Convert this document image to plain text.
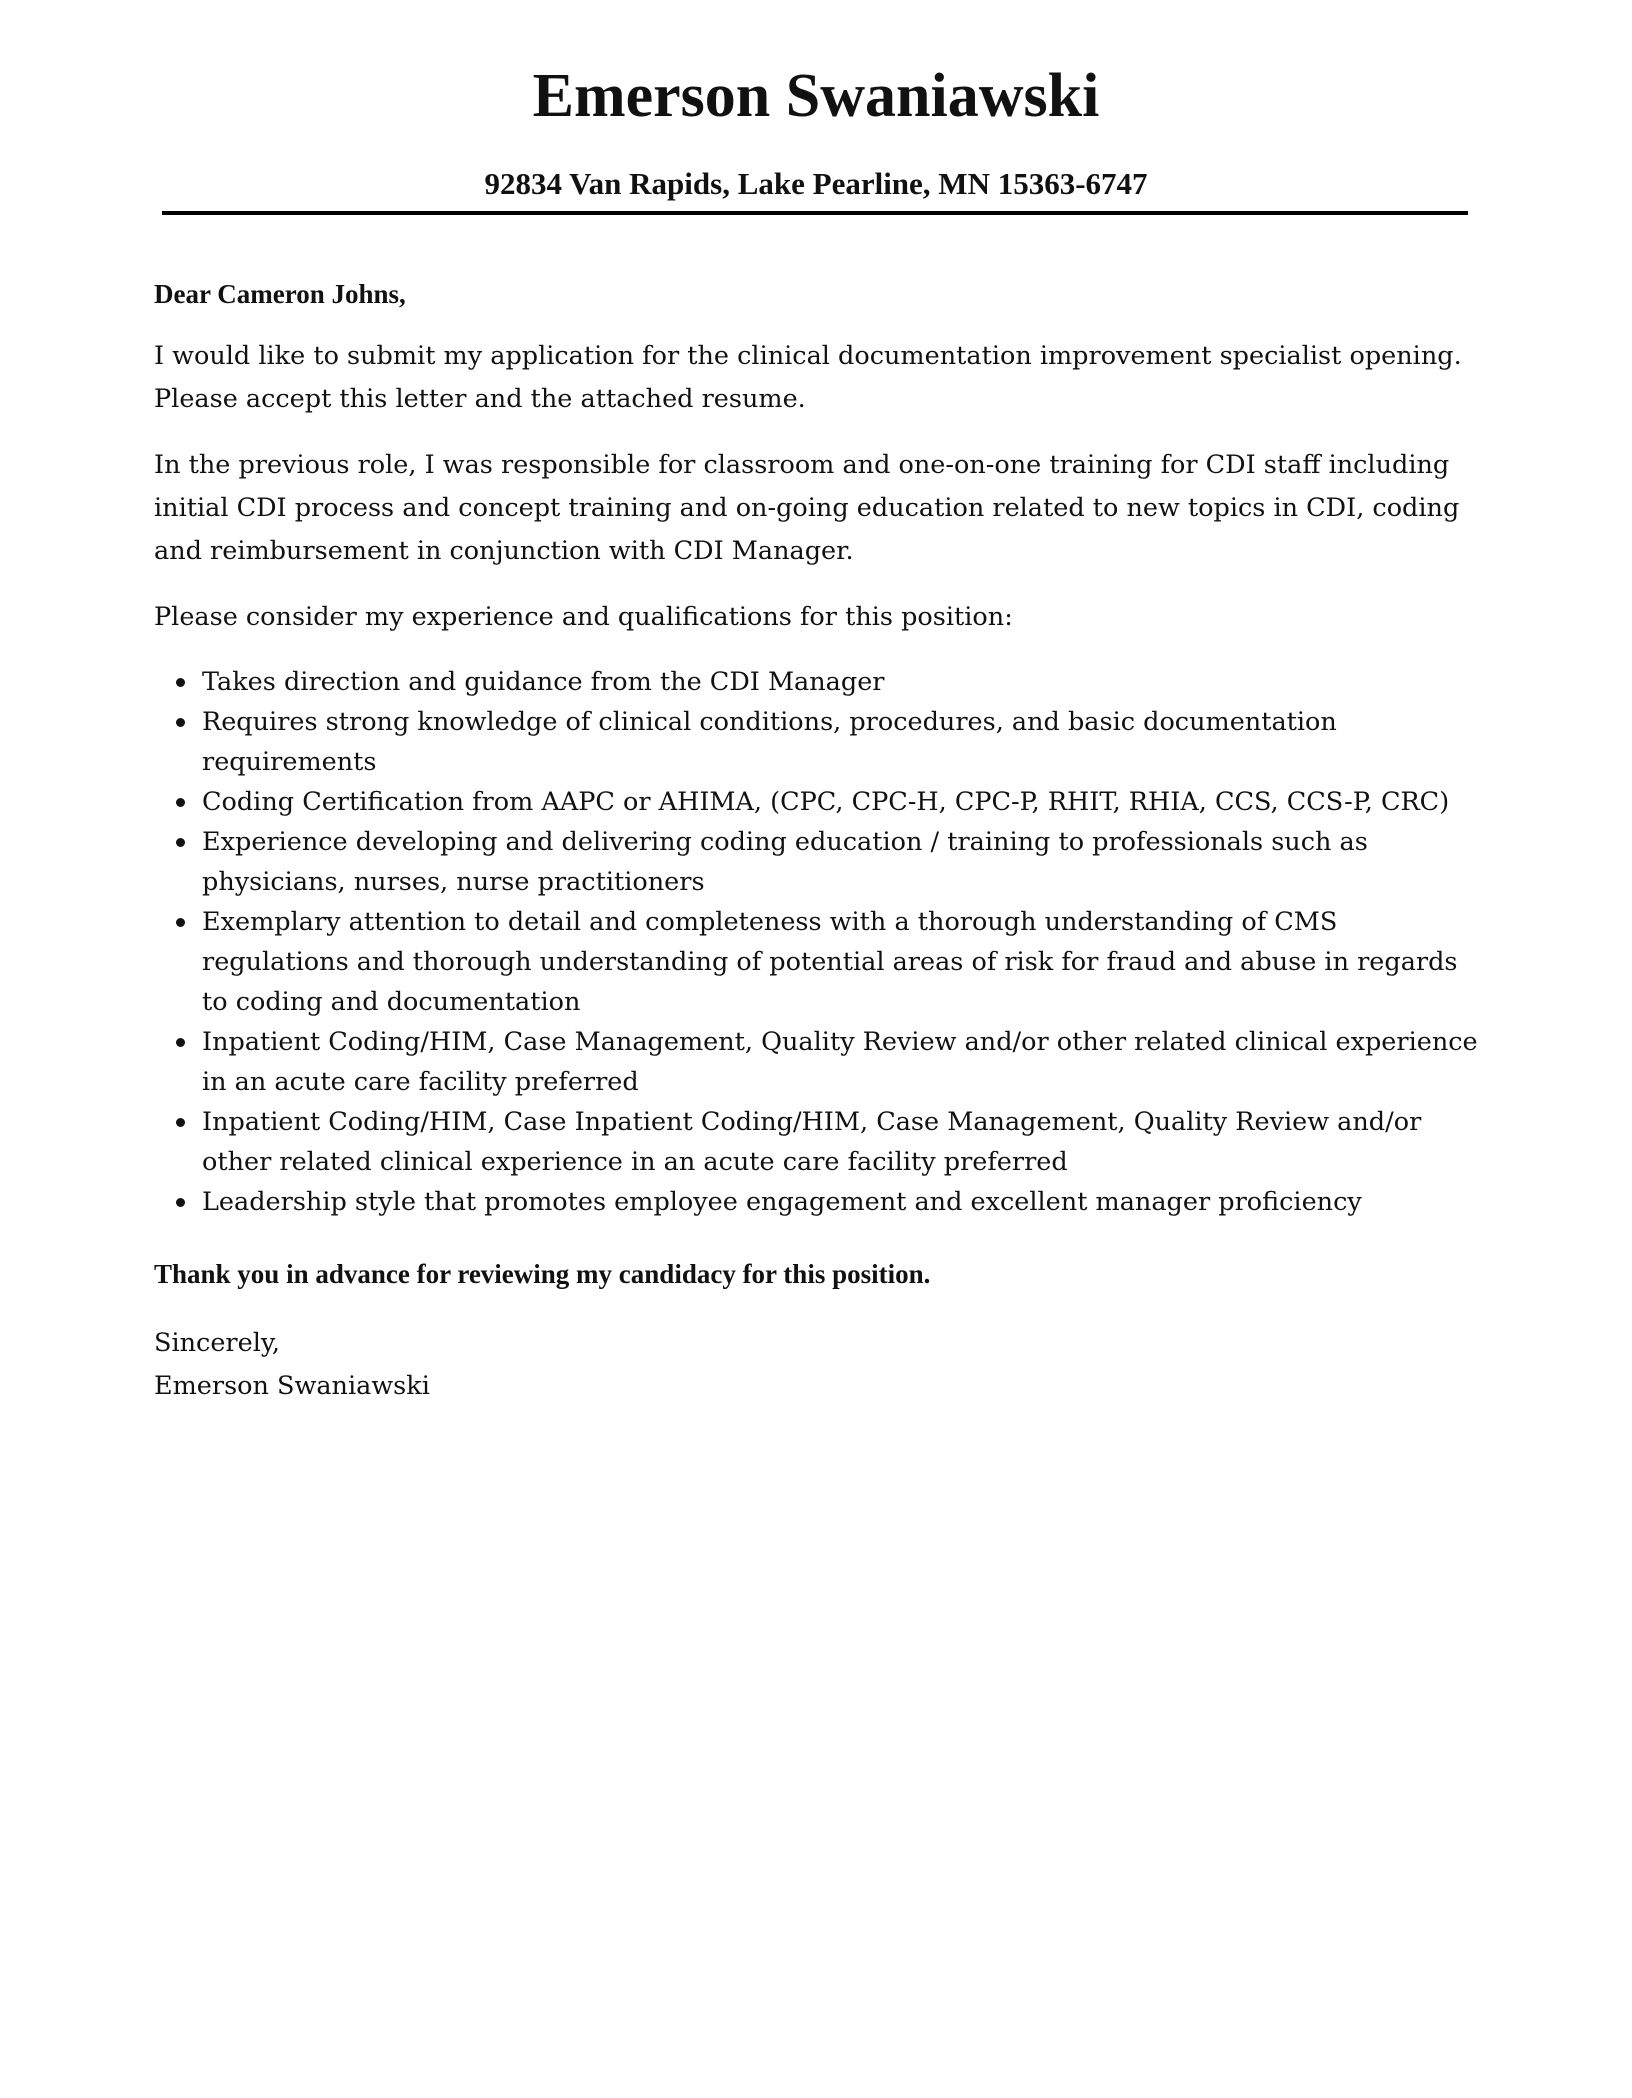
Emerson Swaniawski
92834 Van Rapids, Lake Pearline, MN 15363-6747

Dear Cameron Johns,

I would like to submit my application for the clinical documentation improvement specialist opening. Please accept this letter and the attached resume.

In the previous role, I was responsible for classroom and one-on-one training for CDI staff including initial CDI process and concept training and on-going education related to new topics in CDI, coding and reimbursement in conjunction with CDI Manager.

Please consider my experience and qualifications for this position:

Takes direction and guidance from the CDI Manager
Requires strong knowledge of clinical conditions, procedures, and basic documentation requirements
Coding Certification from AAPC or AHIMA, (CPC, CPC-H, CPC-P, RHIT, RHIA, CCS, CCS-P, CRC)
Experience developing and delivering coding education / training to professionals such as physicians, nurses, nurse practitioners
Exemplary attention to detail and completeness with a thorough understanding of CMS regulations and thorough understanding of potential areas of risk for fraud and abuse in regards to coding and documentation
Inpatient Coding/HIM, Case Management, Quality Review and/or other related clinical experience in an acute care facility preferred
Inpatient Coding/HIM, Case Inpatient Coding/HIM, Case Management, Quality Review and/or other related clinical experience in an acute care facility preferred
Leadership style that promotes employee engagement and excellent manager proficiency

Thank you in advance for reviewing my candidacy for this position.

Sincerely,

Emerson Swaniawski
